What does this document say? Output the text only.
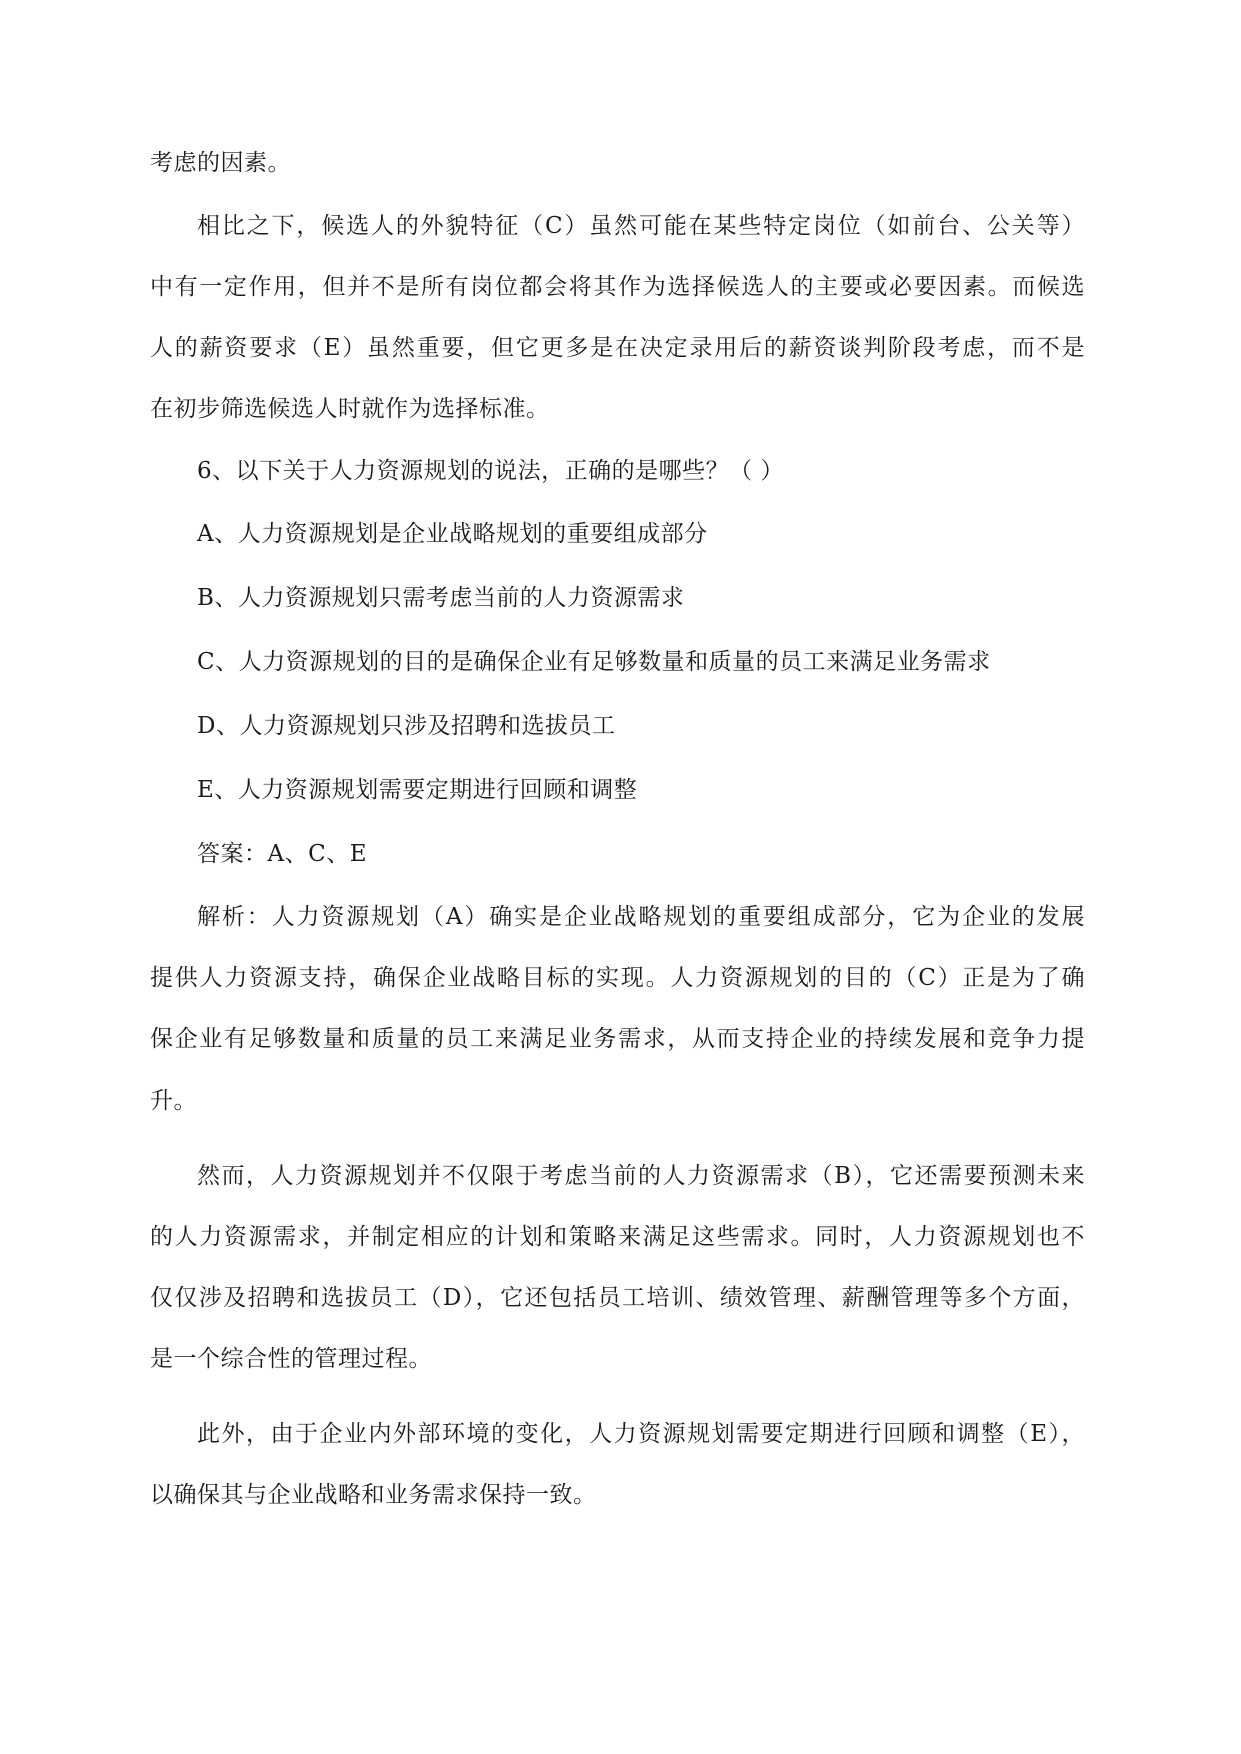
考虑的因素。

相比之下，候选人的外貌特征（C）虽然可能在某些特定岗位（如前台、公关等）

中有一定作用，但并不是所有岗位都会将其作为选择候选人的主要或必要因素。而候选

人的薪资要求（E）虽然重要，但它更多是在决定录用后的薪资谈判阶段考虑，而不是

在初步筛选候选人时就作为选择标准。

6、以下关于人力资源规划的说法，正确的是哪些？（ ）

A、人力资源规划是企业战略规划的重要组成部分

B、人力资源规划只需考虑当前的人力资源需求

C、人力资源规划的目的是确保企业有足够数量和质量的员工来满足业务需求

D、人力资源规划只涉及招聘和选拔员工

E、人力资源规划需要定期进行回顾和调整

答案：A、C、E

解析：人力资源规划（A）确实是企业战略规划的重要组成部分，它为企业的发展

提供人力资源支持，确保企业战略目标的实现。人力资源规划的目的（C）正是为了确

保企业有足够数量和质量的员工来满足业务需求，从而支持企业的持续发展和竞争力提

升。

然而，人力资源规划并不仅限于考虑当前的人力资源需求（B），它还需要预测未来

的人力资源需求，并制定相应的计划和策略来满足这些需求。同时，人力资源规划也不

仅仅涉及招聘和选拔员工（D），它还包括员工培训、绩效管理、薪酬管理等多个方面，

是一个综合性的管理过程。

此外，由于企业内外部环境的变化，人力资源规划需要定期进行回顾和调整（E），

以确保其与企业战略和业务需求保持一致。
